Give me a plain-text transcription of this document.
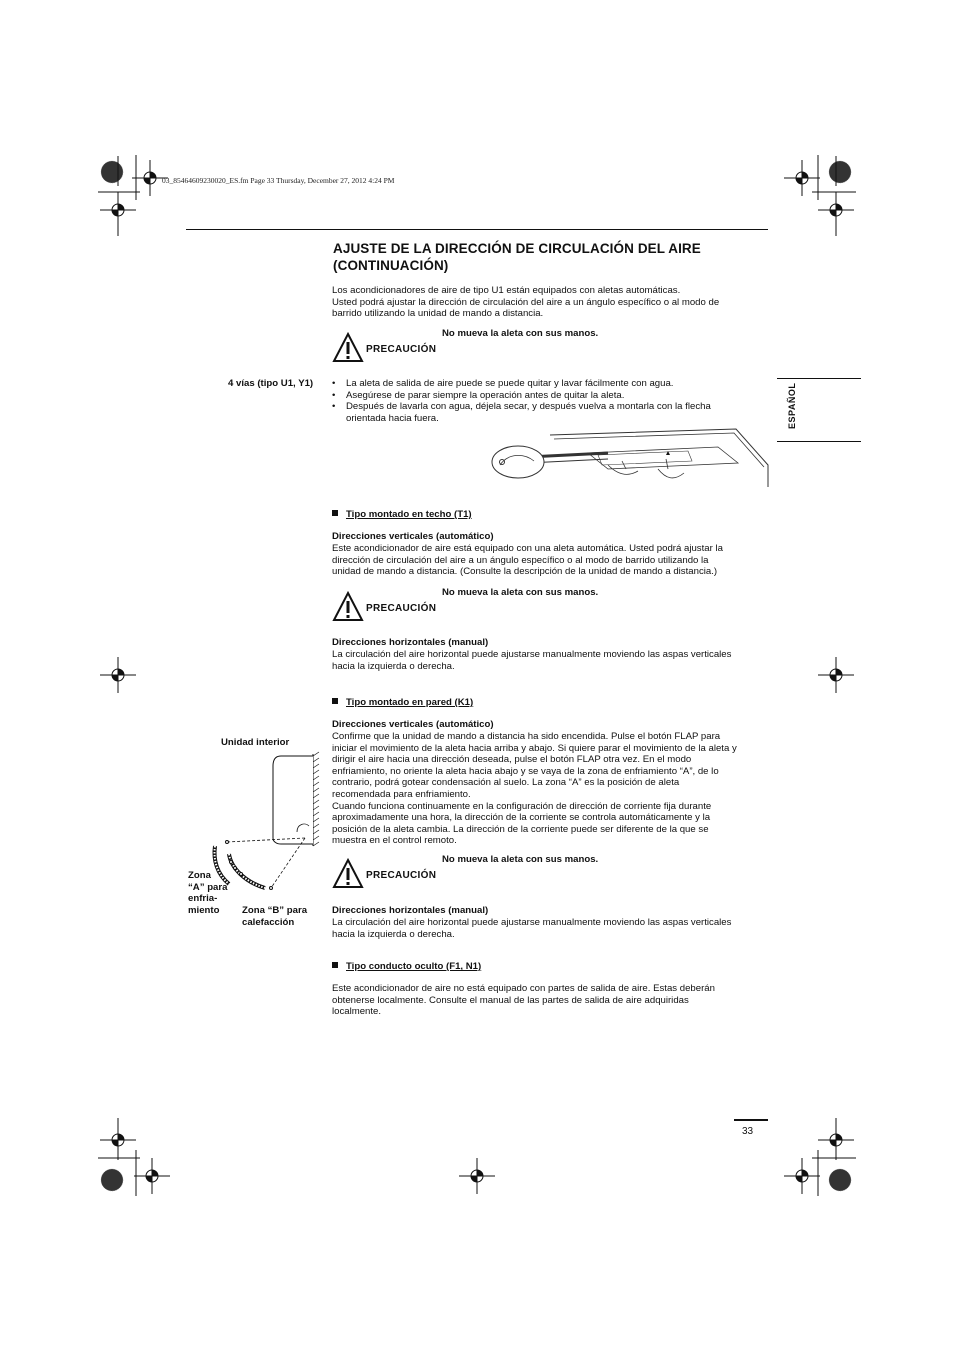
03_85464609230020_ES.fm Page 33 Thursday, December 27, 2012 4:24 PM
AJUSTE DE LA DIRECCIÓN DE CIRCULACIÓN DEL AIRE
(CONTINUACIÓN)
Los acondicionadores de aire de tipo U1 están equipados con aletas automáticas.
Usted podrá ajustar la dirección de circulación del aire a un ángulo específico o al modo de
barrido utilizando la unidad de mando a distancia.
PRECAUCIÓN
No mueva la aleta con sus manos.
ESPAÑOL
4 vías (tipo U1, Y1)
•	La aleta de salida de aire puede se puede quitar y lavar fácilmente con agua.
• Asegúrese de parar siempre la operación antes de quitar la aleta.
• Después de lavarla con agua, déjela secar, y después vuelva a montarla con la flecha
orientada hacia fuera.
Tipo montado en techo (T1)
Direcciones verticales (automático)
Este acondicionador de aire está equipado con una aleta automática. Usted podrá ajustar la
dirección de circulación del aire a un ángulo específico o al modo de barrido utilizando la
unidad de mando a distancia. (Consulte la descripción de la unidad de mando a distancia.)
PRECAUCIÓN
No mueva la aleta con sus manos.
Direcciones horizontales (manual)
La circulación del aire horizontal puede ajustarse manualmente moviendo las aspas verticales
hacia la izquierda o derecha.
Tipo montado en pared (K1)
Direcciones verticales (automático)
Confirme que la unidad de mando a distancia ha sido encendida. Pulse el botón FLAP para
iniciar el movimiento de la aleta hacia arriba y abajo. Si quiere parar el movimiento de la aleta y
dirigir el aire hacia una dirección deseada, pulse el botón FLAP otra vez. En el modo
enfriamiento, no oriente la aleta hacia abajo y se vaya de la zona de enfriamiento “A”, de lo
contrario, podrá gotear condensación al suelo. La zona “A” es la posición de aleta
recomendada para enfriamiento.
Cuando funciona continuamente en la configuración de dirección de corriente fija durante
aproximadamente una hora, la dirección de la corriente se controla automáticamente y la
posición de la aleta cambia. La dirección de la corriente puede ser diferente de la que se
muestra en el control remoto.
Unidad interior
Zona
“A” para
enfria-
miento	Zona “B” para
calefacción
PRECAUCIÓN
No mueva la aleta con sus manos.
Direcciones horizontales (manual)
La circulación del aire horizontal puede ajustarse manualmente moviendo las aspas verticales
hacia la izquierda o derecha.
Tipo conducto oculto (F1, N1)
Este acondicionador de aire no está equipado con partes de salida de aire. Estas deberán
obtenerse localmente. Consulte el manual de las partes de salida de aire adquiridas
localmente.
33
